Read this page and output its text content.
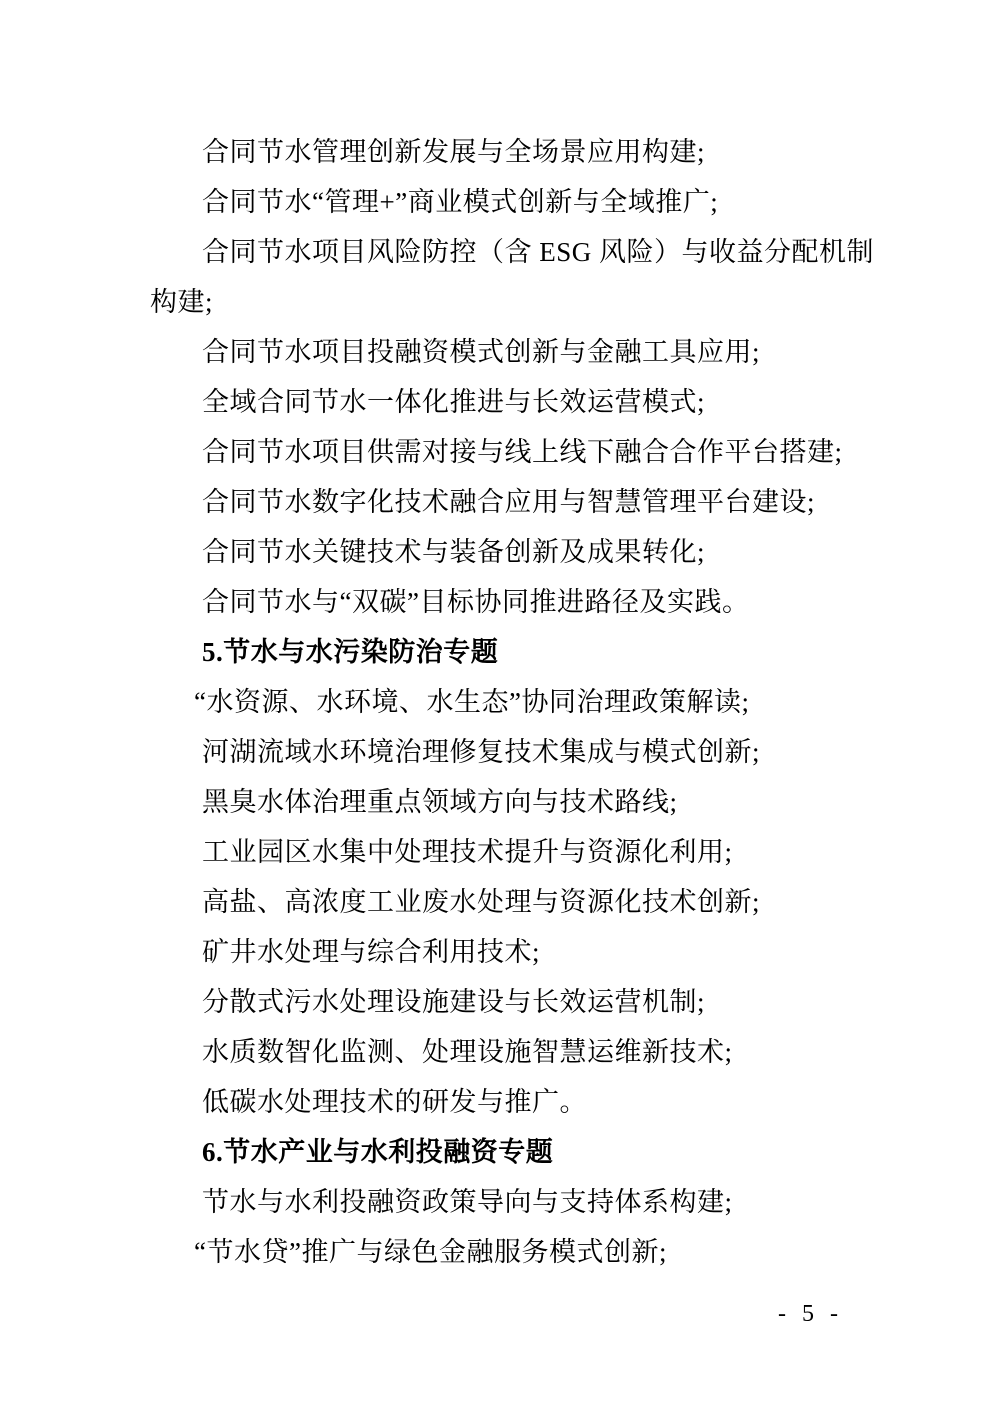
合同节水管理创新发展与全场景应用构建;

合同节水“管理+”商业模式创新与全域推广;

合同节水项目风险防控（含 ESG 风险）与收益分配机制

构建;

合同节水项目投融资模式创新与金融工具应用;

全域合同节水一体化推进与长效运营模式;

合同节水项目供需对接与线上线下融合合作平台搭建;

合同节水数字化技术融合应用与智慧管理平台建设;

合同节水关键技术与装备创新及成果转化;

合同节水与“双碳”目标协同推进路径及实践。

5.节水与水污染防治专题

“水资源、水环境、水生态”协同治理政策解读;

河湖流域水环境治理修复技术集成与模式创新;

黑臭水体治理重点领域方向与技术路线;

工业园区水集中处理技术提升与资源化利用;

高盐、高浓度工业废水处理与资源化技术创新;

矿井水处理与综合利用技术;

分散式污水处理设施建设与长效运营机制;

水质数智化监测、处理设施智慧运维新技术;

低碳水处理技术的研发与推广。

6.节水产业与水利投融资专题

节水与水利投融资政策导向与支持体系构建;

“节水贷”推广与绿色金融服务模式创新;

- 5 -
